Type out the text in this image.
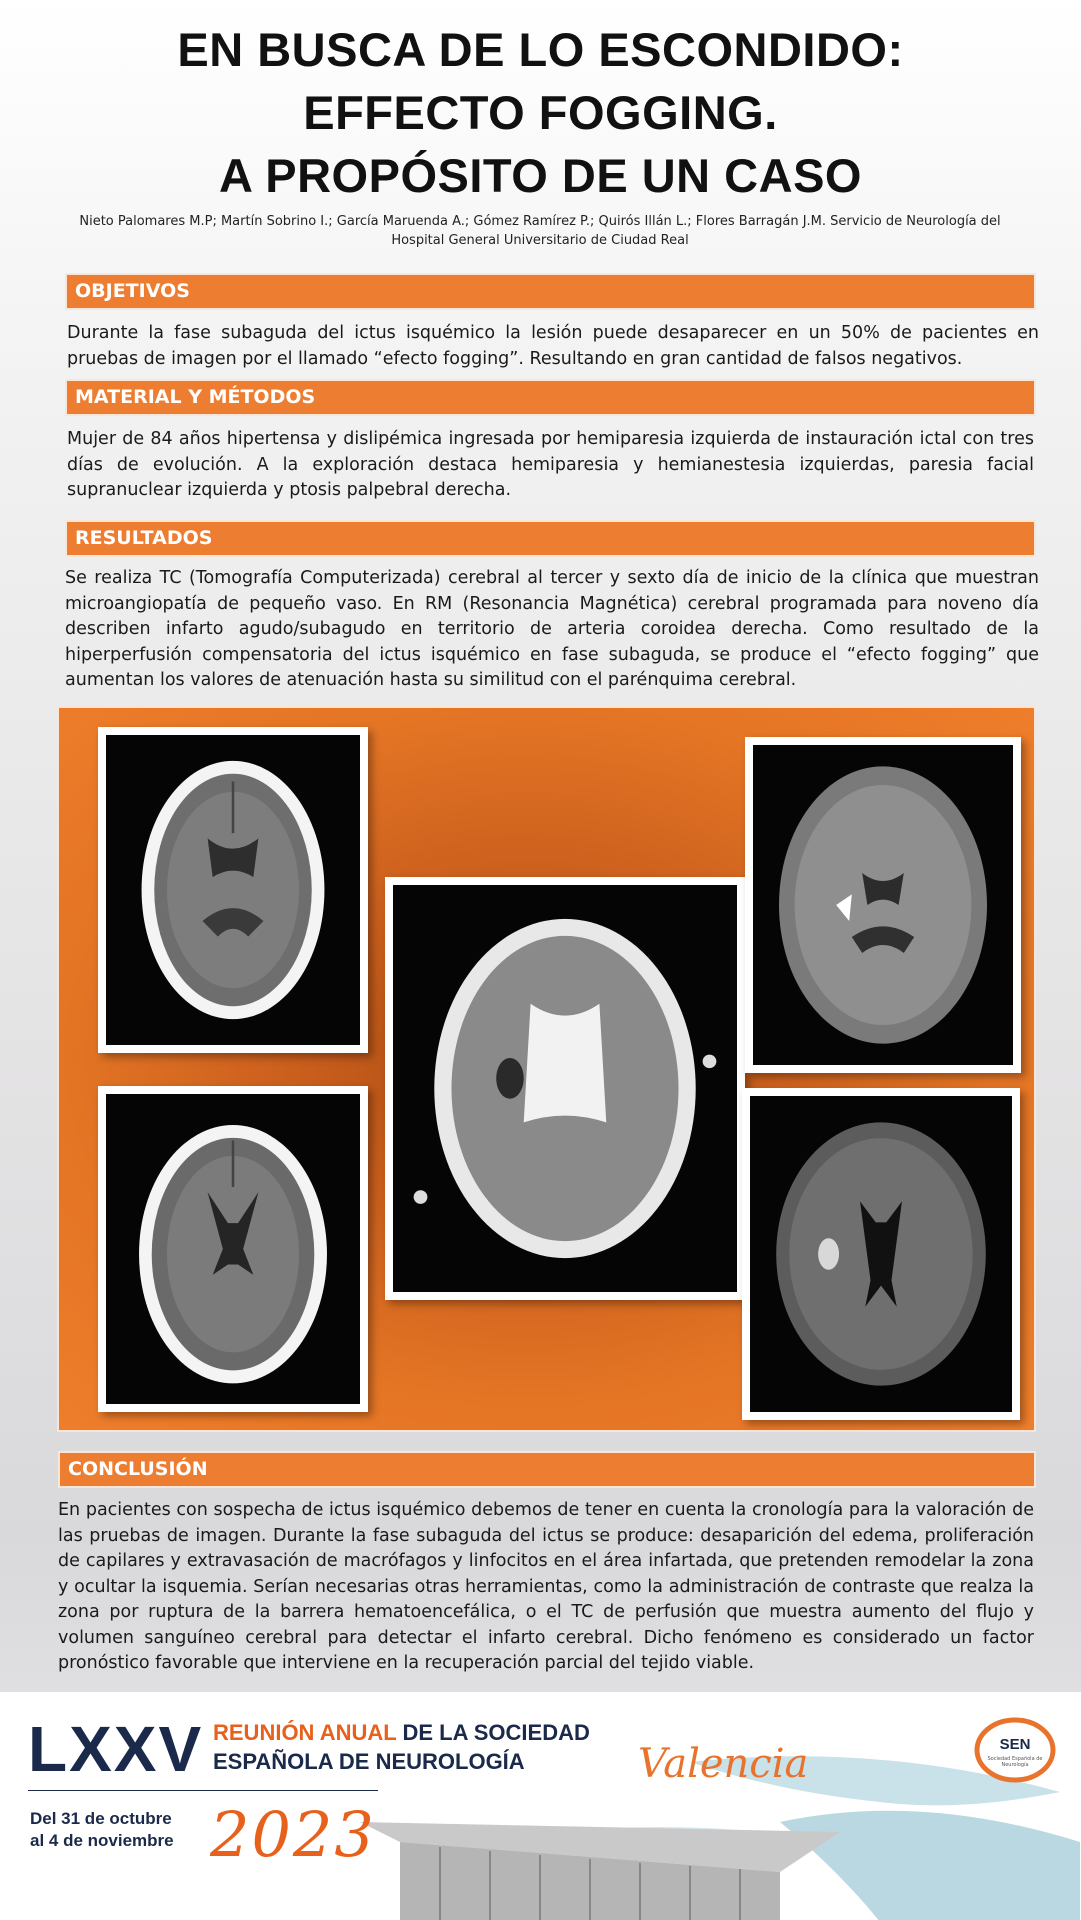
EN BUSCA DE LO ESCONDIDO:
EFFECTO FOGGING.
A PROPÓSITO DE UN CASO
Nieto Palomares M.P; Martín Sobrino I.; García Maruenda A.; Gómez Ramírez P.; Quirós Illán L.; Flores Barragán J.M. Servicio de Neurología del
Hospital General Universitario de Ciudad Real
OBJETIVOS
Durante la fase subaguda del ictus isquémico la lesión puede desaparecer en un 50% de pacientes en pruebas de imagen por el llamado “efecto fogging”. Resultando en gran cantidad de falsos negativos.
MATERIAL Y MÉTODOS
Mujer de 84 años hipertensa y dislipémica ingresada por hemiparesia izquierda de instauración ictal con tres días de evolución. A la exploración destaca hemiparesia y hemianestesia izquierdas, paresia facial supranuclear izquierda y ptosis palpebral derecha.
RESULTADOS
Se realiza TC (Tomografía Computerizada) cerebral al tercer y sexto día de inicio de la clínica que muestran microangiopatía de pequeño vaso. En RM (Resonancia Magnética) cerebral programada para noveno día describen infarto agudo/subagudo en territorio de arteria coroidea derecha. Como resultado de la hiperperfusión compensatoria del ictus isquémico en fase subaguda, se produce el “efecto fogging” que aumentan los valores de atenuación hasta su similitud con el parénquima cerebral.
CONCLUSIÓN
En pacientes con sospecha de ictus isquémico debemos de tener en cuenta la cronología para la valoración de las pruebas de imagen. Durante la fase subaguda del ictus se produce: desaparición del edema, proliferación de capilares y extravasación de macrófagos y linfocitos en el área infartada, que pretenden remodelar la zona y ocultar la isquemia. Serían necesarias otras herramientas, como la administración de contraste que realza la zona por ruptura de la barrera hematoencefálica, o el TC de perfusión que muestra aumento del flujo y volumen sanguíneo cerebral para detectar el infarto cerebral. Dicho fenómeno es considerado un factor pronóstico favorable que interviene en la recuperación parcial del tejido viable.
LXXV REUNIÓN ANUAL DE LA SOCIEDAD
ESPAÑOLA DE NEUROLOGÍA
Del 31 de octubre
al 4 de noviembre 2023
Valencia	SEN
Sociedad Española de Neurología
